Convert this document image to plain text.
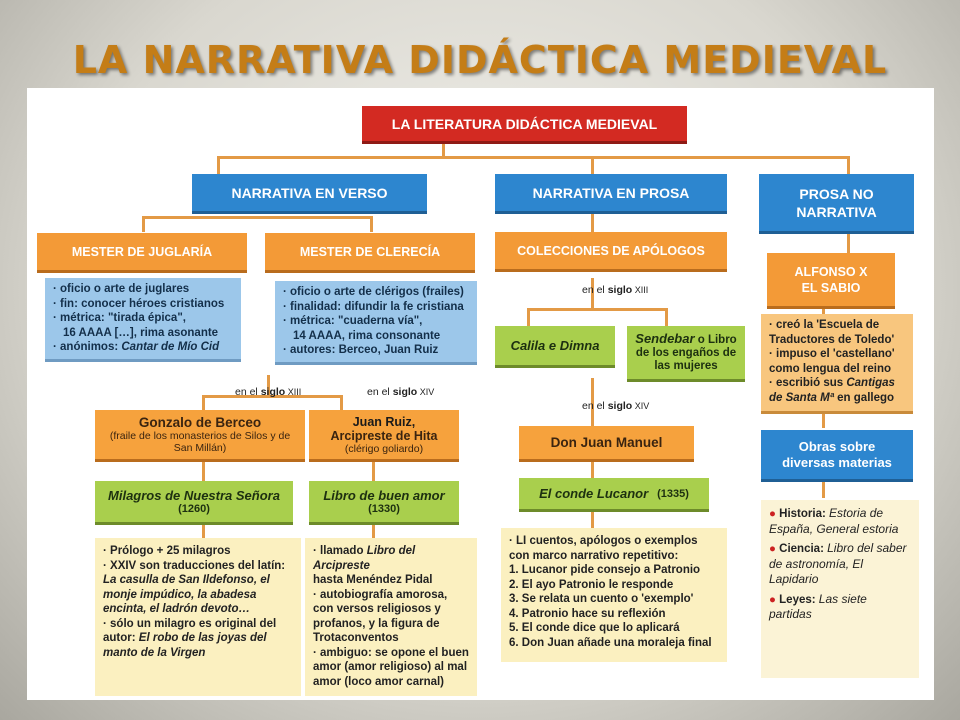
LA NARRATIVA DIDÁCTICA MEDIEVAL
LA LITERATURA DIDÁCTICA MEDIEVAL
NARRATIVA EN VERSO	NARRATIVA EN PROSA	PROSA NO NARRATIVA
MESTER DE
JUGLARÍA	MESTER DE CLERECÍA
· oficio o arte de juglares
· fin: conocer héroes cristianos
· métrica: "tirada épica",
16 AAAA […], rima asonante
· anónimos: Cantar de Mío Cid
· oficio o arte de clérigos (frailes)
· finalidad: difundir la fe cristiana
· métrica: "cuaderna vía",
14 AAAA, rima consonante
· autores: Berceo, Juan Ruiz
en el siglo XIII	en el siglo XIV
Gonzalo de Berceo
(fraile de los monasterios de Silos y de San Millán)
Juan Ruiz,
Arcipreste de Hita
(clérigo goliardo)
Milagros de Nuestra Señora
(1260)
Libro de buen amor
(1330)
· Prólogo + 25 milagros
· XXIV son traducciones del latín:
La casulla de San Ildefonso, el monje impúdico, la abadesa encinta, el ladrón devoto…
· sólo un milagro es original del autor: El robo de las joyas del manto de la Virgen
· llamado Libro del Arcipreste
hasta Menéndez Pidal
· autobiografía amorosa, con versos religiosos y profanos, y la figura de Trotaconventos
· ambiguo: se opone el buen amor (amor religioso) al mal amor (loco amor carnal)
COLECCIONES DE APÓLOGOS
en el siglo XIII
Calila e Dimna	Sendebar o Libro de los engaños de las mujeres
en el siglo XIV
Don Juan Manuel
El conde Lucanor
(1335)
· LI cuentos, apólogos o exemplos con marco narrativo repetitivo:
1. Lucanor pide consejo a Patronio
2. El ayo Patronio le responde
3. Se relata un cuento o 'exemplo'
4. Patronio hace su reflexión
5. El conde dice que lo aplicará
6. Don Juan añade una moraleja final
ALFONSO X EL SABIO
· creó la 'Escuela de Traductores de Toledo'
· impuso el 'castellano' como lengua del reino
· escribió sus Cantigas de Santa Mª en gallego
Obras sobre diversas materias
● Historia: Estoria de España, General estoria
● Ciencia: Libro del saber de astronomía, El Lapidario
● Leyes: Las siete partidas
